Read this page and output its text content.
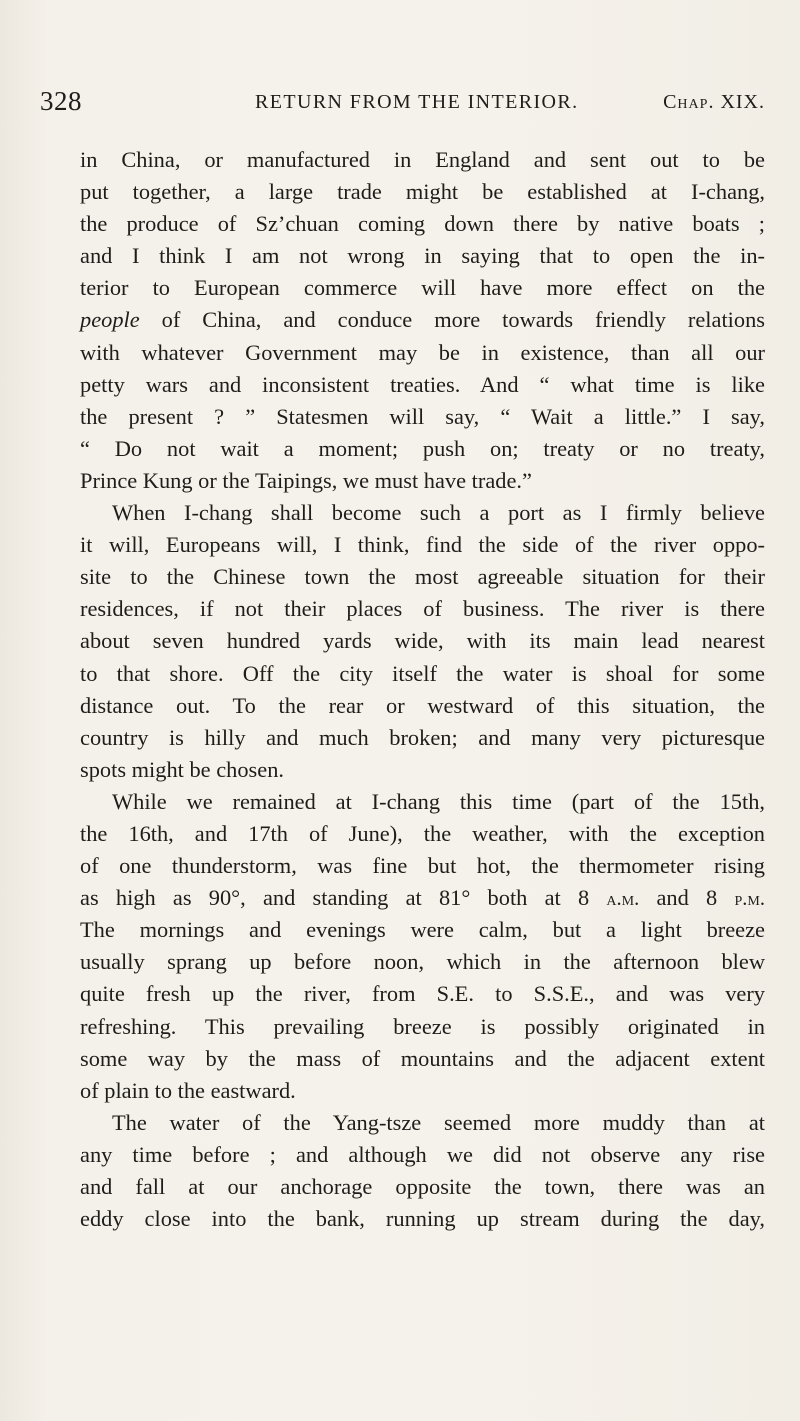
328	RETURN FROM THE INTERIOR.	Chap. XIX.
in China, or manufactured in England and sent out to be
put together, a large trade might be established at I-chang,
the produce of Sz’chuan coming down there by native boats ;
and I think I am not wrong in saying that to open the in-
terior to European commerce will have more effect on the
people of China, and conduce more towards friendly relations
with whatever Government may be in existence, than all our
petty wars and inconsistent treaties. And “ what time is like
the present ? ” Statesmen will say, “ Wait a little.” I say,
“ Do not wait a moment; push on; treaty or no treaty,
Prince Kung or the Taipings, we must have trade.”
When I-chang shall become such a port as I firmly believe
it will, Europeans will, I think, find the side of the river oppo-
site to the Chinese town the most agreeable situation for their
residences, if not their places of business. The river is there
about seven hundred yards wide, with its main lead nearest
to that shore. Off the city itself the water is shoal for some
distance out. To the rear or westward of this situation, the
country is hilly and much broken; and many very picturesque
spots might be chosen.
While we remained at I-chang this time (part of the 15th,
the 16th, and 17th of June), the weather, with the exception
of one thunderstorm, was fine but hot, the thermometer rising
as high as 90°, and standing at 81° both at 8 a.m. and 8 p.m.
The mornings and evenings were calm, but a light breeze
usually sprang up before noon, which in the afternoon blew
quite fresh up the river, from S.E. to S.S.E., and was very
refreshing. This prevailing breeze is possibly originated in
some way by the mass of mountains and the adjacent extent
of plain to the eastward.
The water of the Yang-tsze seemed more muddy than at
any time before ; and although we did not observe any rise
and fall at our anchorage opposite the town, there was an
eddy close into the bank, running up stream during the day,
